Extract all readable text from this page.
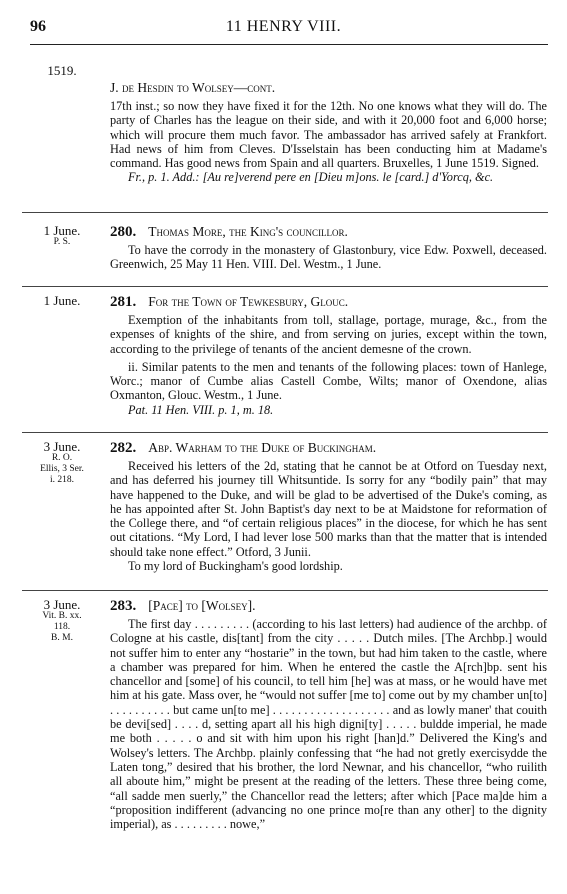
96	11 HENRY VIII.
1519.
J. de Hesdin to Wolsey—cont.

17th inst.; so now they have fixed it for the 12th. No one knows what they will do. The party of Charles has the league on their side, and with it 20,000 foot and 6,000 horse; which will procure them much favor. The ambassador has arrived safely at Frankfort. Had news of him from Cleves. D'Isselstain has been conducting him at Madame's command. Has good news from Spain and all quarters. Bruxelles, 1 June 1519. Signed.

Fr., p. 1. Add.: [Au re]verend pere en [Dieu m]ons. le [card.] d'Yorcq, &c.

1 June.
P. S.
280. Thomas More, the King's councillor.

To have the corrody in the monastery of Glastonbury, vice Edw. Poxwell, deceased. Greenwich, 25 May 11 Hen. VIII. Del. Westm., 1 June.

1 June.	281. For the Town of Tewkesbury, Glouc.

Exemption of the inhabitants from toll, stallage, portage, murage, &c., from the expenses of knights of the shire, and from serving on juries, except within the town, according to the privilege of tenants of the ancient demesne of the crown.

ii. Similar patents to the men and tenants of the following places: town of Hanlege, Worc.; manor of Cumbe alias Castell Combe, Wilts; manor of Oxendone, alias Oxmanton, Glouc. Westm., 1 June.

Pat. 11 Hen. VIII. p. 1, m. 18.

3 June.
R. O.
Ellis, 3 Ser.
i. 218.
282. Abp. Warham to the Duke of Buckingham.

Received his letters of the 2d, stating that he cannot be at Otford on Tuesday next, and has deferred his journey till Whitsuntide. Is sorry for any “bodily pain” that may have happened to the Duke, and will be glad to be advertised of the Duke's coming, as he has appointed after St. John Baptist's day next to be at Maidstone for reformation of the College there, and “of certain religious places” in the diocese, for which he has sent out citations. “My Lord, I had lever lose 500 marks than that the matter that is intended should take none effect.” Otford, 3 Junii.

To my lord of Buckingham's good lordship.

3 June.
Vit. B. xx.
118.
B. M.
283. [Pace] to [Wolsey].

The first day . . . . . . . . . (according to his last letters) had audience of the archbp. of Cologne at his castle, dis[tant] from the city . . . . . Dutch miles. [The Archbp.] would not suffer him to enter any “hostarie” in the town, but had him taken to the castle, where a chamber was prepared for him. When he entered the castle the A[rch]bp. sent his chancellor and [some] of his council, to tell him [he] was at mass, or he would have met him at his gate. Mass over, he “would not suffer [me to] come out by my chamber un[to] . . . . . . . . . . but came un[to me] . . . . . . . . . . . . . . . . . . . and as lowly maner' that couith be devi[sed] . . . . d, setting apart all his high digni[ty] . . . . . buldde imperial, he made me both . . . . . o and sit with him upon his right [han]d.” Delivered the King's and Wolsey's letters. The Archbp. plainly confessing that “he had not gretly exercisydde the Laten tong,” desired that his brother, the lord Newnar, and his chancellor, “who ruilith all aboute him,” might be present at the reading of the letters. These three being come, “all sadde men suerly,” the Chancellor read the letters; after which [Pace ma]de him a “proposition indifferent (advancing no one prince mo[re than any other] to the dignity imperial), as . . . . . . . . . nowe,”
